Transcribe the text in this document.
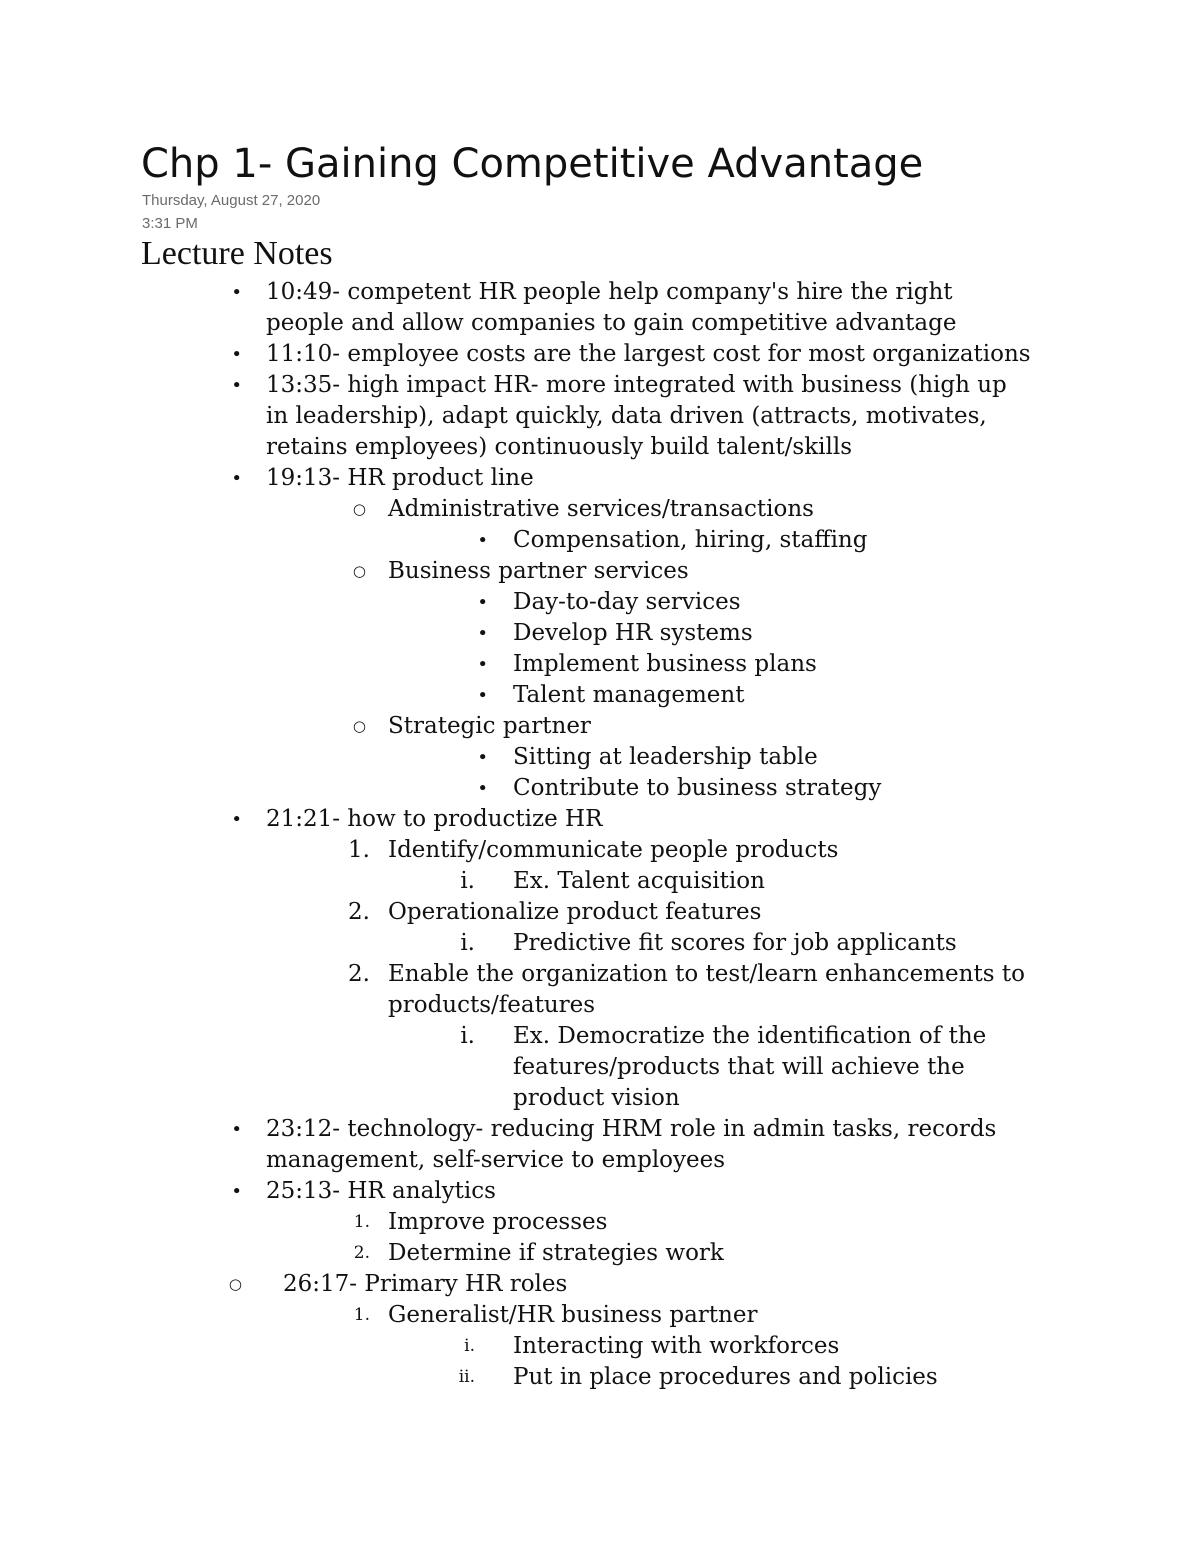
Chp 1- Gaining Competitive Advantage
Thursday, August 27, 2020
3:31 PM
Lecture Notes
• 10:49- competent HR people help company's hire the right
people and allow companies to gain competitive advantage
• 11:10- employee costs are the largest cost for most organizations
• 13:35- high impact HR- more integrated with business (high up
in leadership), adapt quickly, data driven (attracts, motivates,
retains employees) continuously build talent/skills
• 19:13- HR product line
○ Administrative services/transactions
• Compensation, hiring, staffing
○ Business partner services
• Day-to-day services
• Develop HR systems
• Implement business plans
• Talent management
○ Strategic partner
• Sitting at leadership table
• Contribute to business strategy
• 21:21- how to productize HR
1. Identify/communicate people products
i. Ex. Talent acquisition
2. Operationalize product features
i. Predictive fit scores for job applicants
2. Enable the organization to test/learn enhancements to
products/features
i. Ex. Democratize the identification of the
features/products that will achieve the
product vision
• 23:12- technology- reducing HRM role in admin tasks, records
management, self-service to employees
• 25:13- HR analytics
1. Improve processes
2. Determine if strategies work
○ 26:17- Primary HR roles
1. Generalist/HR business partner
i. Interacting with workforces
ii. Put in place procedures and policies
